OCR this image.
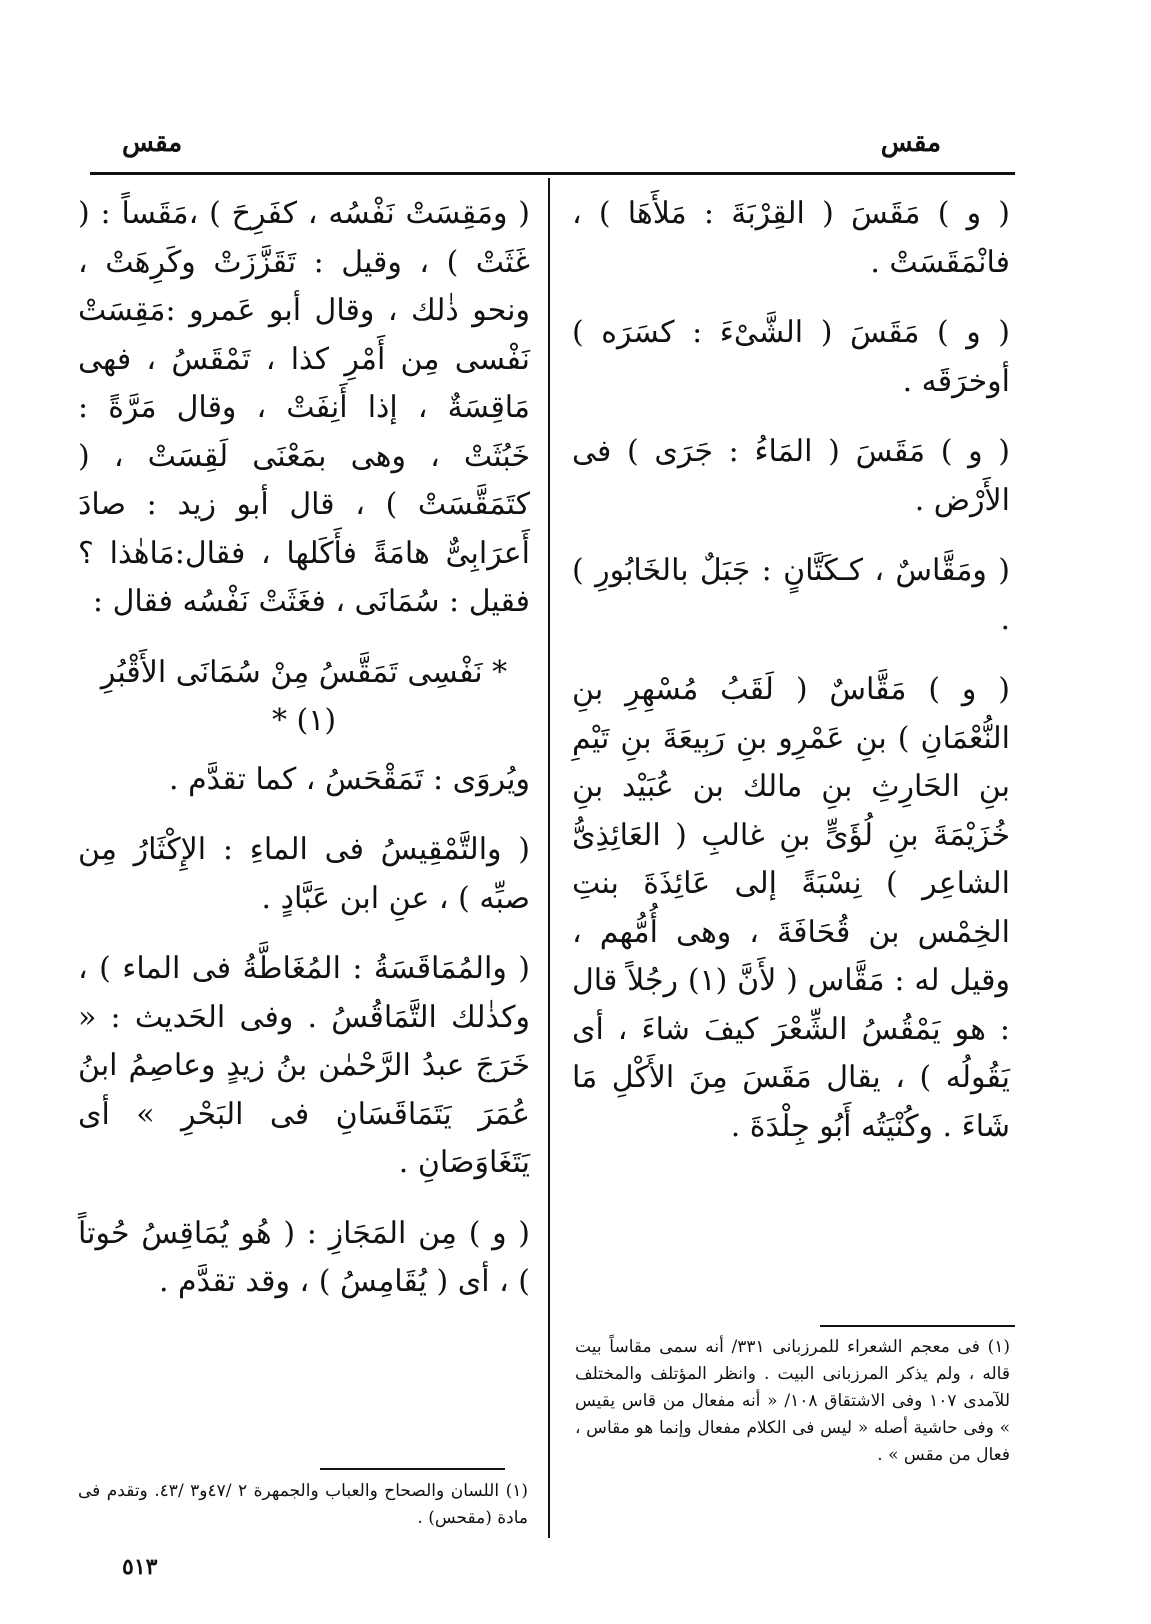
مقس
مقس

( و ) مَقَسَ ( القِرْبَةَ : مَلأَهَا ) ، فانْمَقَسَتْ .

( و ) مَقَسَ ( الشَّىْءَ : كسَرَه ) أوخرَقَه .

( و ) مَقَسَ ( المَاءُ : جَرَى ) فى الأَرْض .

( ومَقَّاسٌ ، كـكَتَّانٍ : جَبَلٌ بالخَابُورِ ) .

( و ) مَقَّاسٌ ( لَقَبُ مُسْهِرِ بنِ النُّعْمَانِ ) بنِ عَمْرِو بنِ رَبِيعَةَ بنِ تَيْمِ بنِ الحَارِثِ بنِ مالك بن عُبَيْد بنِ خُزَيْمَةَ بنِ لُؤَىٍّ بنِ غالبِ ( العَائِذِىُّ الشاعِر ) نِسْبَةً إلى عَائِذَةَ بنتِ الخِمْس بن قُحَافَةَ ، وهى أُمُّهم ، وقيل له : مَقَّاس ( لأَنَّ (١) رجُلاً قال : هو يَمْقُسُ الشِّعْرَ كيفَ شاءَ ، أى يَقُولُه ) ، يقال مَقَسَ مِنَ الأَكْلِ مَا شَاءَ . وكُنْيَتُه أَبُو جِلْدَةَ .

(١) فى معجم الشعراء للمرزبانى ٣٣١/ أنه سمى مقاساً بيت قاله ، ولم يذكر المرزبانى البيت . وانظر المؤتلف والمختلف للآمدى ١٠٧ وفى الاشتقاق ١٠٨/ « أنه مفعال من قاس يقيس » وفى حاشية أصله « ليس فى الكلام مفعال وإنما هو مقاس ، فعال من مقس » .

( ومَقِسَتْ نَفْسُه ، كفَرِحَ ) ،مَقَساً : ( غَثَتْ ) ، وقيل : تَقَزَّزَتْ وكَرِهَتْ ، ونحو ذٰلك ، وقال أبو عَمرو :مَقِسَتْ نَفْسى مِن أَمْرِ كذا ، تَمْقَسُ ، فهى مَاقِسَةٌ ، إذا أَنِفَتْ ، وقال مَرَّةً : خَبُثَتْ ، وهى بمَعْنَى لَقِسَتْ ، ( كتَمَقَّسَتْ ) ، قال أبو زيد : صادَ أَعرَابِىٌّ هامَةً فأَكَلها ، فقال:مَاهٰذا ؟ فقيل : سُمَانَى ، فغَثَتْ نَفْسُه فقال :

* نَفْسِى تَمَقَّسُ مِنْ سُمَانَى الأَقْبُرِ (١) *

ويُروَى : تَمَقْحَسُ ، كما تقدَّم .

( والتَّمْقِيسُ فى الماءِ : الإِكْثَارُ مِن صبِّه ) ، عنِ ابن عَبَّادٍ .

( والمُمَاقَسَةُ : المُغَاطَّةُ فى الماء ) ، وكذٰلك التَّمَاقُسُ . وفى الحَديث : « خَرَجَ عبدُ الرَّحْمٰن بنُ زيدٍ وعاصِمُ ابنُ عُمَرَ يَتَمَاقَسَانِ فى البَحْرِ » أى يَتَغَاوَصَانِ .

( و ) مِن المَجَازِ : ( هُو يُمَاقِسُ حُوتاً ) ، أى ( يُقَامِسُ ) ، وقد تقدَّم .

(١) اللسان والصحاح والعباب والجمهرة ٢ /٤٧و٣ /٤٣. وتقدم فى مادة (مقحس) .
٥١٣
